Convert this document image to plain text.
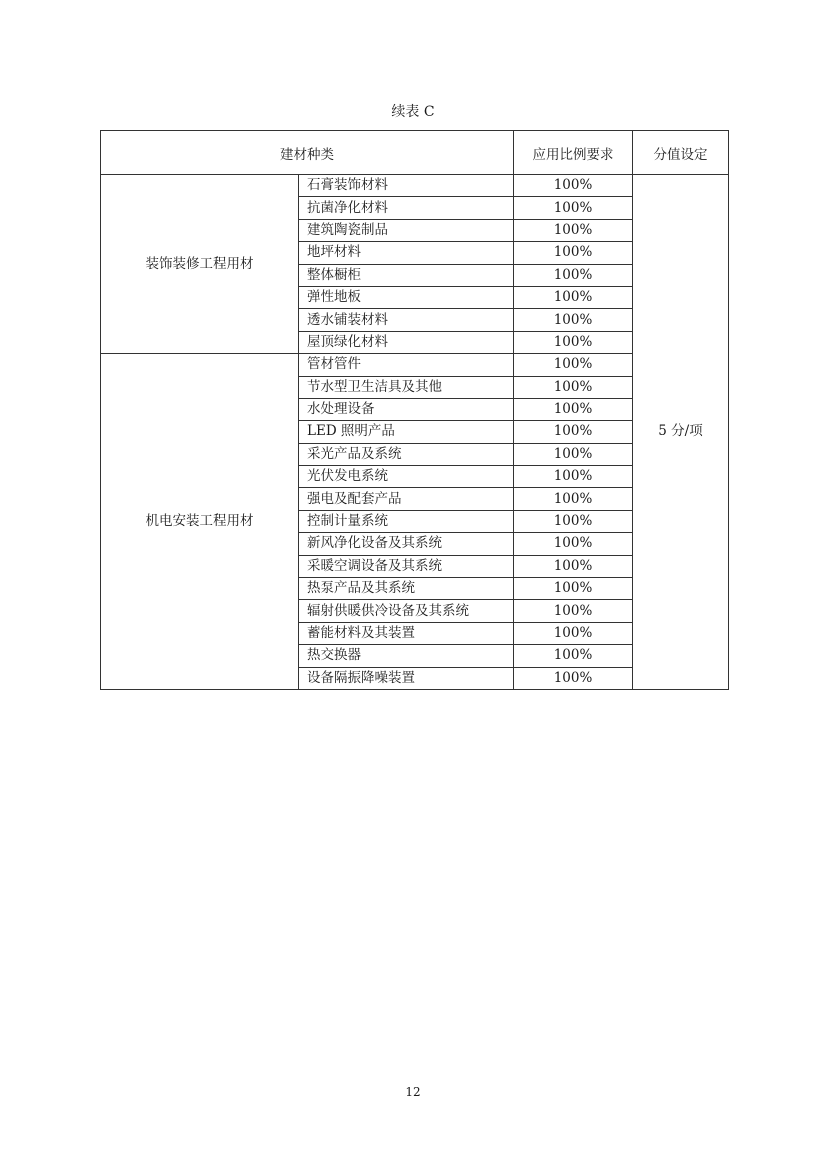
续表 C
建材种类		应用比例要求	分值设定
装饰装修工程用材	石膏装饰材料	100%	5 分/项
	抗菌净化材料	100%	
	建筑陶瓷制品	100%	
	地坪材料	100%	
	整体橱柜	100%	
	弹性地板	100%	
	透水铺装材料	100%	
	屋顶绿化材料	100%	
机电安装工程用材	管材管件	100%	
	节水型卫生洁具及其他	100%	
	水处理设备	100%	
	LED 照明产品	100%	
	采光产品及系统	100%	
	光伏发电系统	100%	
	强电及配套产品	100%	
	控制计量系统	100%	
	新风净化设备及其系统	100%	
	采暖空调设备及其系统	100%	
	热泵产品及其系统	100%	
	辐射供暖供冷设备及其系统	100%	
	蓄能材料及其装置	100%	
	热交换器	100%	
	设备隔振降噪装置	100%	
12
